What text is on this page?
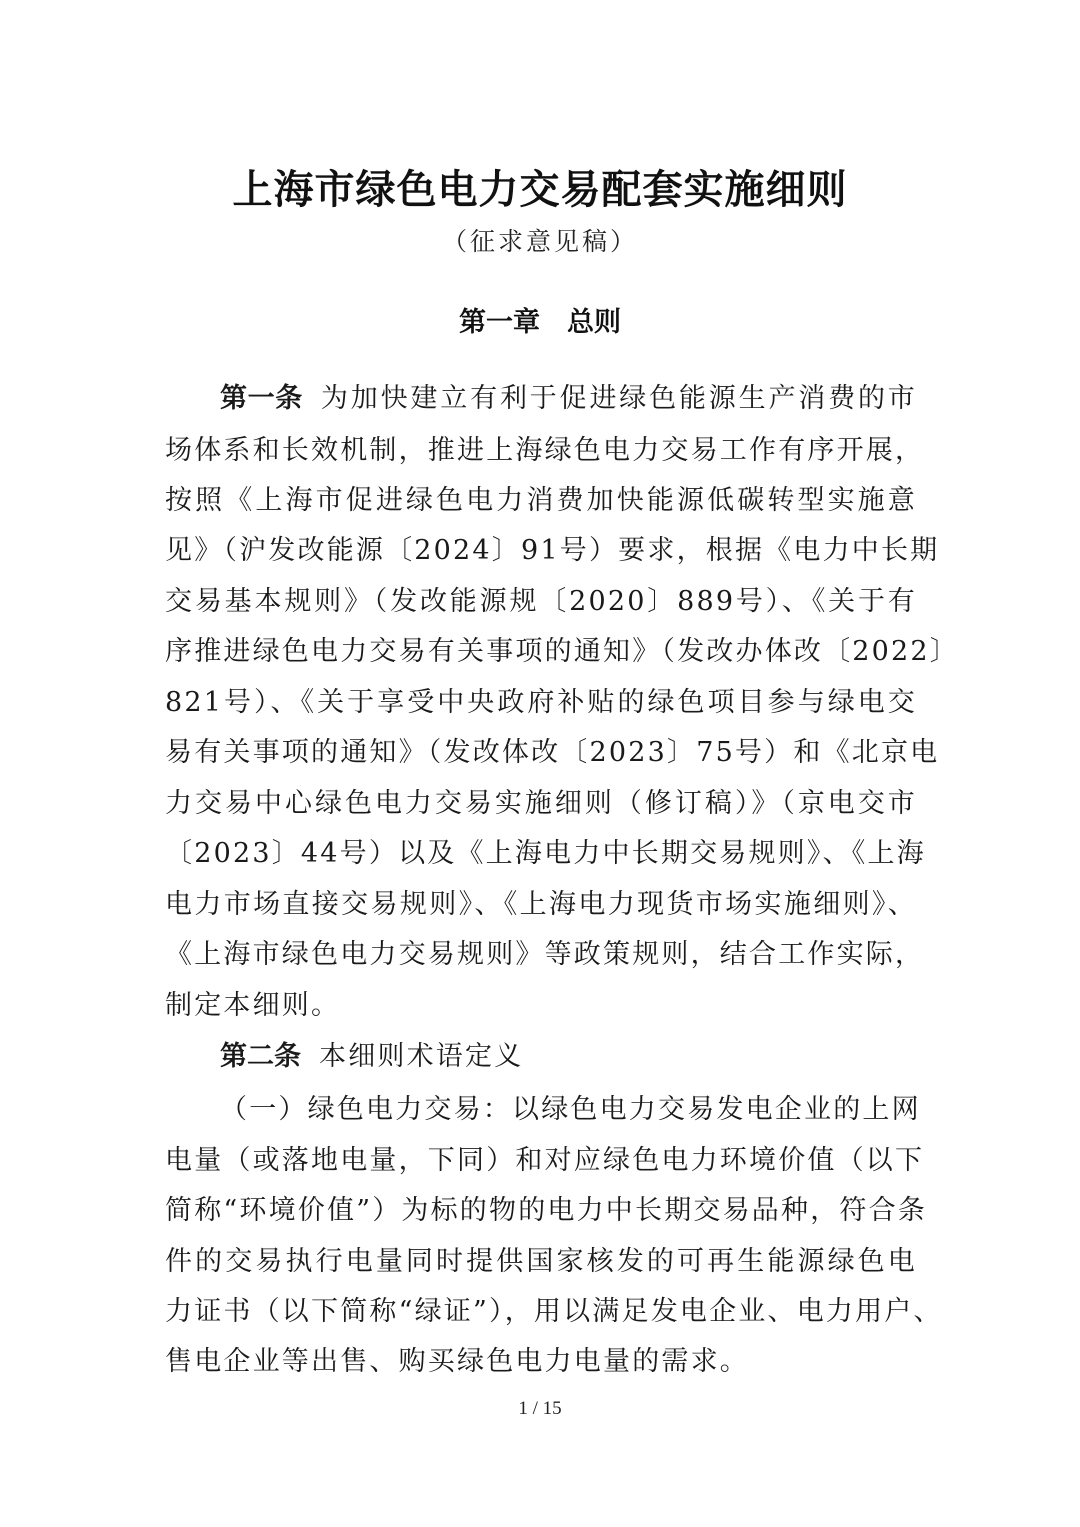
上海市绿色电力交易配套实施细则
（征求意见稿）
第一章　总则
第一条 为加快建立有利于促进绿色能源生产消费的市
场体系和长效机制，推进上海绿色电力交易工作有序开展，
按照《上海市促进绿色电力消费加快能源低碳转型实施意
见》（沪发改能源〔2024〕91号）要求，根据《电力中长期
交易基本规则》（发改能源规〔2020〕889号）、《关于有
序推进绿色电力交易有关事项的通知》（发改办体改〔2022〕
821号）、《关于享受中央政府补贴的绿色项目参与绿电交
易有关事项的通知》（发改体改〔2023〕75号）和《北京电
力交易中心绿色电力交易实施细则（修订稿）》（京电交市
〔2023〕44号）以及《上海电力中长期交易规则》、《上海
电力市场直接交易规则》、《上海电力现货市场实施细则》、
《上海市绿色电力交易规则》等政策规则，结合工作实际，
制定本细则。
第二条 本细则术语定义
（一）绿色电力交易：以绿色电力交易发电企业的上网
电量（或落地电量，下同）和对应绿色电力环境价值（以下
简称“环境价值”）为标的物的电力中长期交易品种，符合条
件的交易执行电量同时提供国家核发的可再生能源绿色电
力证书（以下简称“绿证”），用以满足发电企业、电力用户、
售电企业等出售、购买绿色电力电量的需求。
1 / 15
